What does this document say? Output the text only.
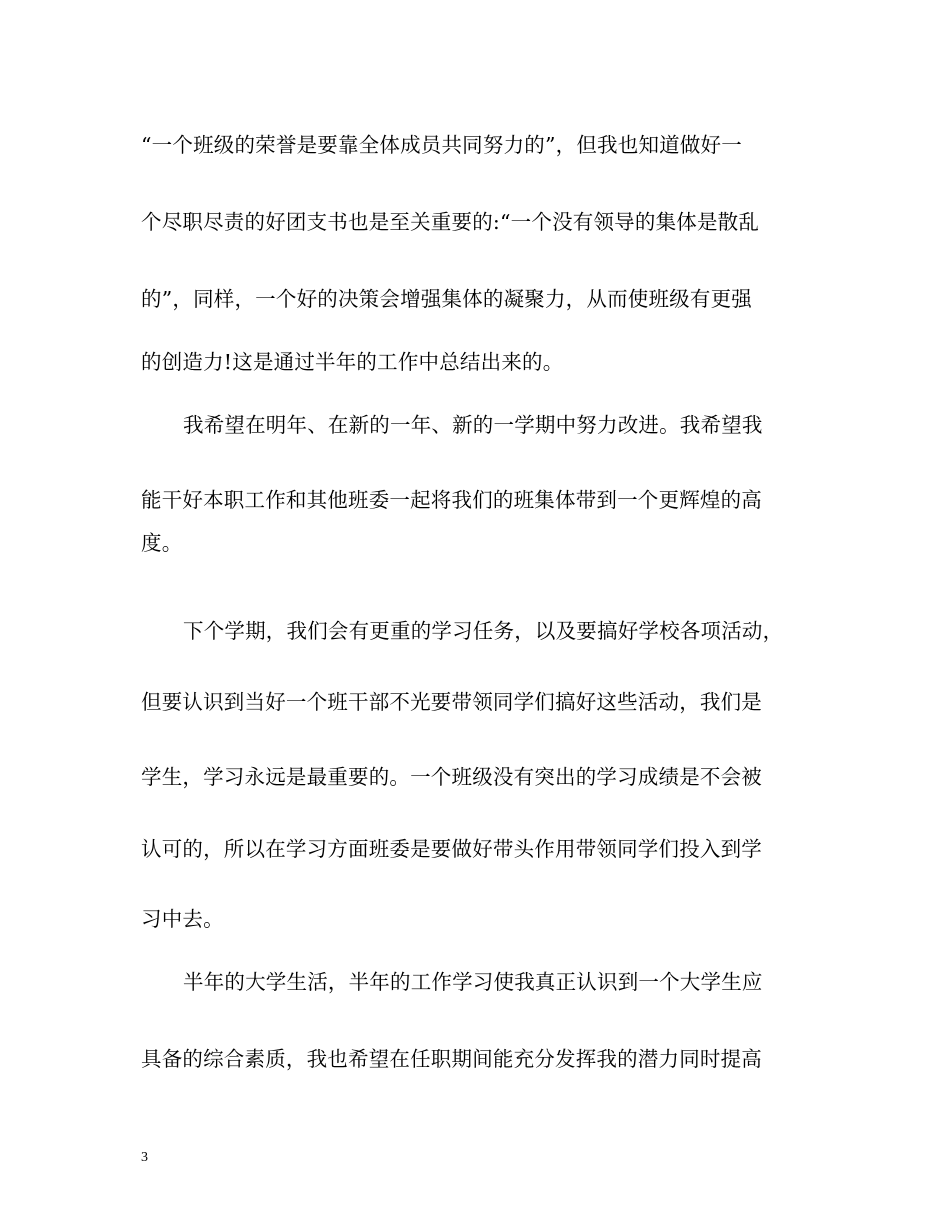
“一个班级的荣誉是要靠全体成员共同努力的”，但我也知道做好一
个尽职尽责的好团支书也是至关重要的:“一个没有领导的集体是散乱
的”，同样，一个好的决策会增强集体的凝聚力，从而使班级有更强
的创造力!这是通过半年的工作中总结出来的。
我希望在明年、在新的一年、新的一学期中努力改进。我希望我
能干好本职工作和其他班委一起将我们的班集体带到一个更辉煌的高
度。
下个学期，我们会有更重的学习任务，以及要搞好学校各项活动，
但要认识到当好一个班干部不光要带领同学们搞好这些活动，我们是
学生，学习永远是最重要的。一个班级没有突出的学习成绩是不会被
认可的，所以在学习方面班委是要做好带头作用带领同学们投入到学
习中去。
半年的大学生活，半年的工作学习使我真正认识到一个大学生应
具备的综合素质，我也希望在任职期间能充分发挥我的潜力同时提高
3
